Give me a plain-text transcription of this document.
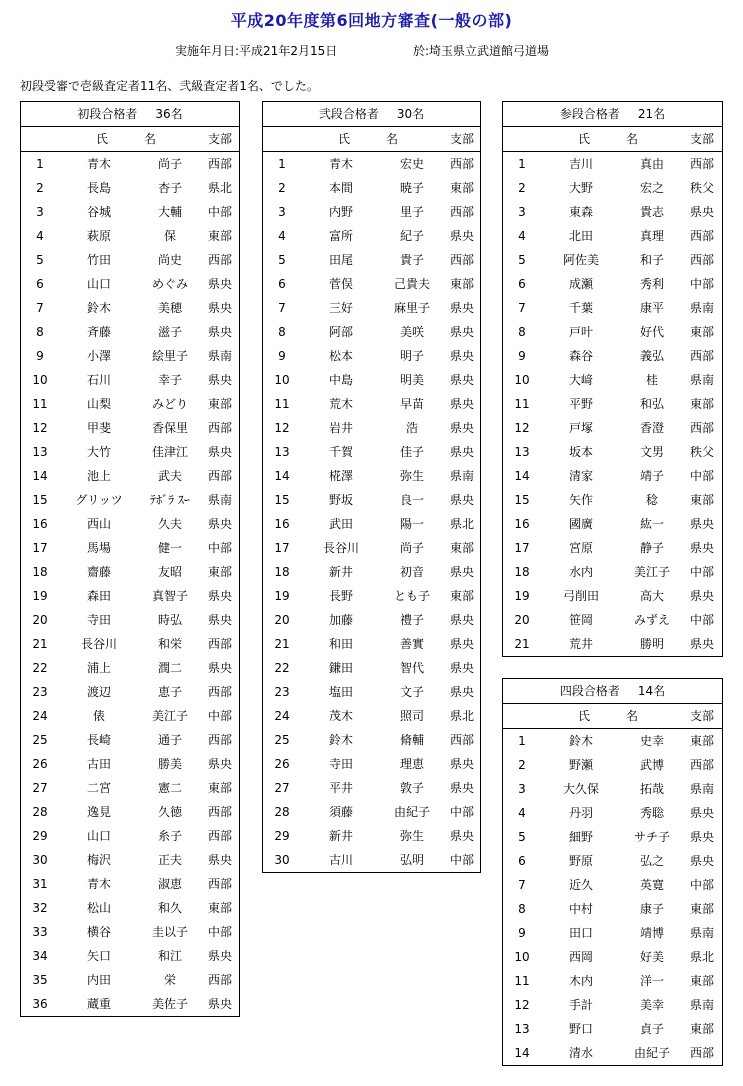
平成20年度第6回地方審査(一般の部)
実施年月日:平成21年2月15日	於:埼玉県立武道館弓道場
初段受審で壱級査定者11名、弐級査定者1名、でした。
初段合格者 36名
氏　　　名	支部
1	青木	尚子	西部
2	長島	杏子	県北
3	谷城	大輔	中部
4	萩原	保	東部
5	竹田	尚史	西部
6	山口	めぐみ	県央
7	鈴木	美穂	県央
8	斉藤	滋子	県央
9	小澤	絵里子	県南
10	石川	幸子	県央
11	山梨	みどり	東部
12	甲斐	香保里	西部
13	大竹	佳津江	県央
14	池上	武夫	西部
15	グリッツ	ﾃﾎﾞﾗ ｽｰ	県南
16	西山	久夫	県央
17	馬場	健一	中部
18	齋藤	友昭	東部
19	森田	真智子	県央
20	寺田	時弘	県央
21	長谷川	和栄	西部
22	浦上	潤二	県央
23	渡辺	恵子	西部
24	俵	美江子	中部
25	長崎	通子	西部
26	古田	勝美	県央
27	二宮	憲二	東部
28	逸見	久徳	西部
29	山口	糸子	西部
30	梅沢	正夫	県央
31	青木	淑恵	西部
32	松山	和久	東部
33	横谷	圭以子	中部
34	矢口	和江	県央
35	内田	栄	西部
36	蔵重	美佐子	県央
弐段合格者 30名
氏　　　名	支部
1	青木	宏史	西部
2	本間	暁子	東部
3	内野	里子	西部
4	富所	紀子	県央
5	田尾	貴子	西部
6	菅俣	己貴夫	東部
7	三好	麻里子	県央
8	阿部	美咲	県央
9	松本	明子	県央
10	中島	明美	県央
11	荒木	早苗	県央
12	岩井	浩	県央
13	千賀	佳子	県央
14	椛澤	弥生	県南
15	野坂	良一	県央
16	武田	陽一	県北
17	長谷川	尚子	東部
18	新井	初音	県央
19	長野	とも子	東部
20	加藤	禮子	県央
21	和田	善實	県央
22	鎌田	智代	県央
23	塩田	文子	県央
24	茂木	照司	県北
25	鈴木	脩輔	西部
26	寺田	理恵	県央
27	平井	敦子	県央
28	須藤	由紀子	中部
29	新井	弥生	県央
30	古川	弘明	中部
参段合格者 21名
氏　　　名	支部
1	吉川	真由	西部
2	大野	宏之	秩父
3	東森	貴志	県央
4	北田	真理	西部
5	阿佐美	和子	西部
6	成瀬	秀利	中部
7	千葉	康平	県南
8	戸叶	好代	東部
9	森谷	義弘	西部
10	大﨑	桂	県南
11	平野	和弘	東部
12	戸塚	香澄	西部
13	坂本	文男	秩父
14	清家	靖子	中部
15	矢作	稔	東部
16	國廣	紘一	県央
17	宮原	静子	県央
18	水内	美江子	中部
19	弓削田	高大	県央
20	笹岡	みずえ	中部
21	荒井	勝明	県央
四段合格者 14名
氏　　　名	支部
1	鈴木	史幸	東部
2	野瀬	武博	西部
3	大久保	拓哉	県南
4	丹羽	秀聡	県央
5	細野	サチ子	県央
6	野原	弘之	県央
7	近久	英寛	中部
8	中村	康子	東部
9	田口	靖博	県南
10	西岡	好美	県北
11	木内	洋一	東部
12	手計	美幸	県南
13	野口	貞子	東部
14	清水	由紀子	西部
